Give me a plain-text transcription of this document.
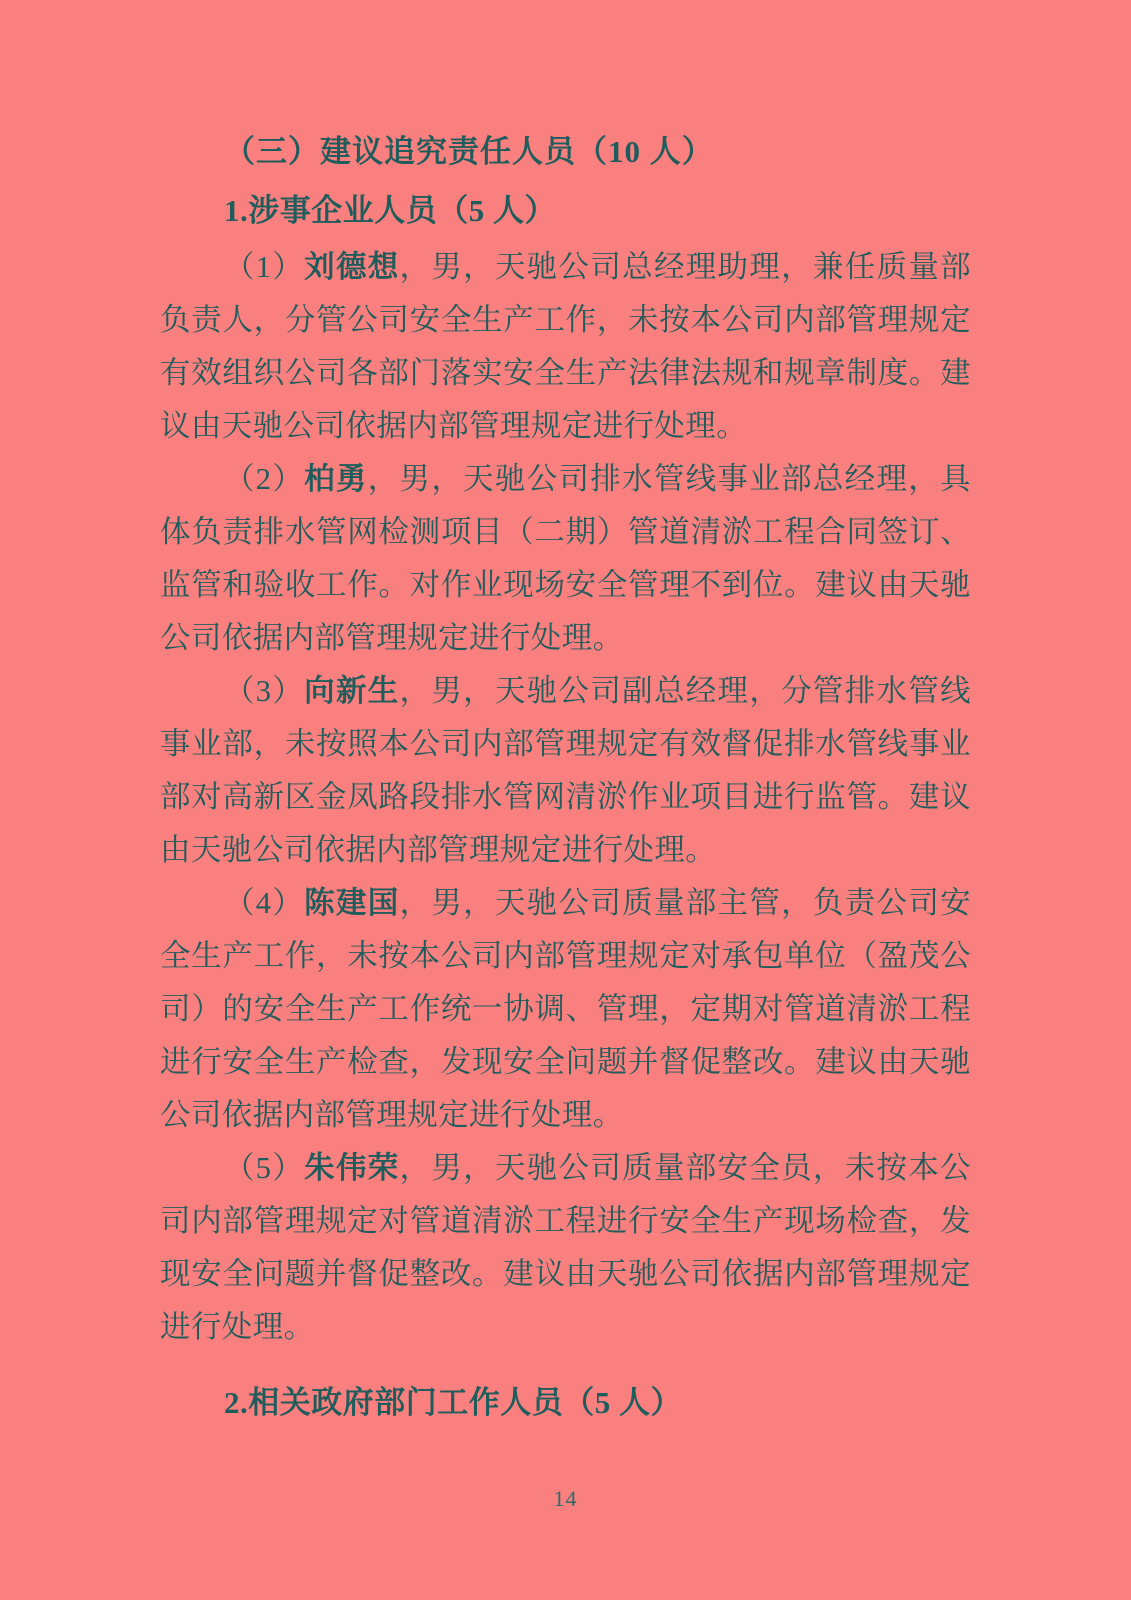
（三）建议追究责任人员（10 人）

1.涉事企业人员（5 人）

（1）刘德想，男，天驰公司总经理助理，兼任质量部负责人，分管公司安全生产工作，未按本公司内部管理规定有效组织公司各部门落实安全生产法律法规和规章制度。建议由天驰公司依据内部管理规定进行处理。

（2）柏勇，男，天驰公司排水管线事业部总经理，具体负责排水管网检测项目（二期）管道清淤工程合同签订、监管和验收工作。对作业现场安全管理不到位。建议由天驰公司依据内部管理规定进行处理。

（3）向新生，男，天驰公司副总经理，分管排水管线事业部，未按照本公司内部管理规定有效督促排水管线事业部对高新区金凤路段排水管网清淤作业项目进行监管。建议由天驰公司依据内部管理规定进行处理。

（4）陈建国，男，天驰公司质量部主管，负责公司安全生产工作，未按本公司内部管理规定对承包单位（盈茂公司）的安全生产工作统一协调、管理，定期对管道清淤工程进行安全生产检查，发现安全问题并督促整改。建议由天驰公司依据内部管理规定进行处理。

（5）朱伟荣，男，天驰公司质量部安全员，未按本公司内部管理规定对管道清淤工程进行安全生产现场检查，发现安全问题并督促整改。建议由天驰公司依据内部管理规定进行处理。

2.相关政府部门工作人员（5 人）

14
